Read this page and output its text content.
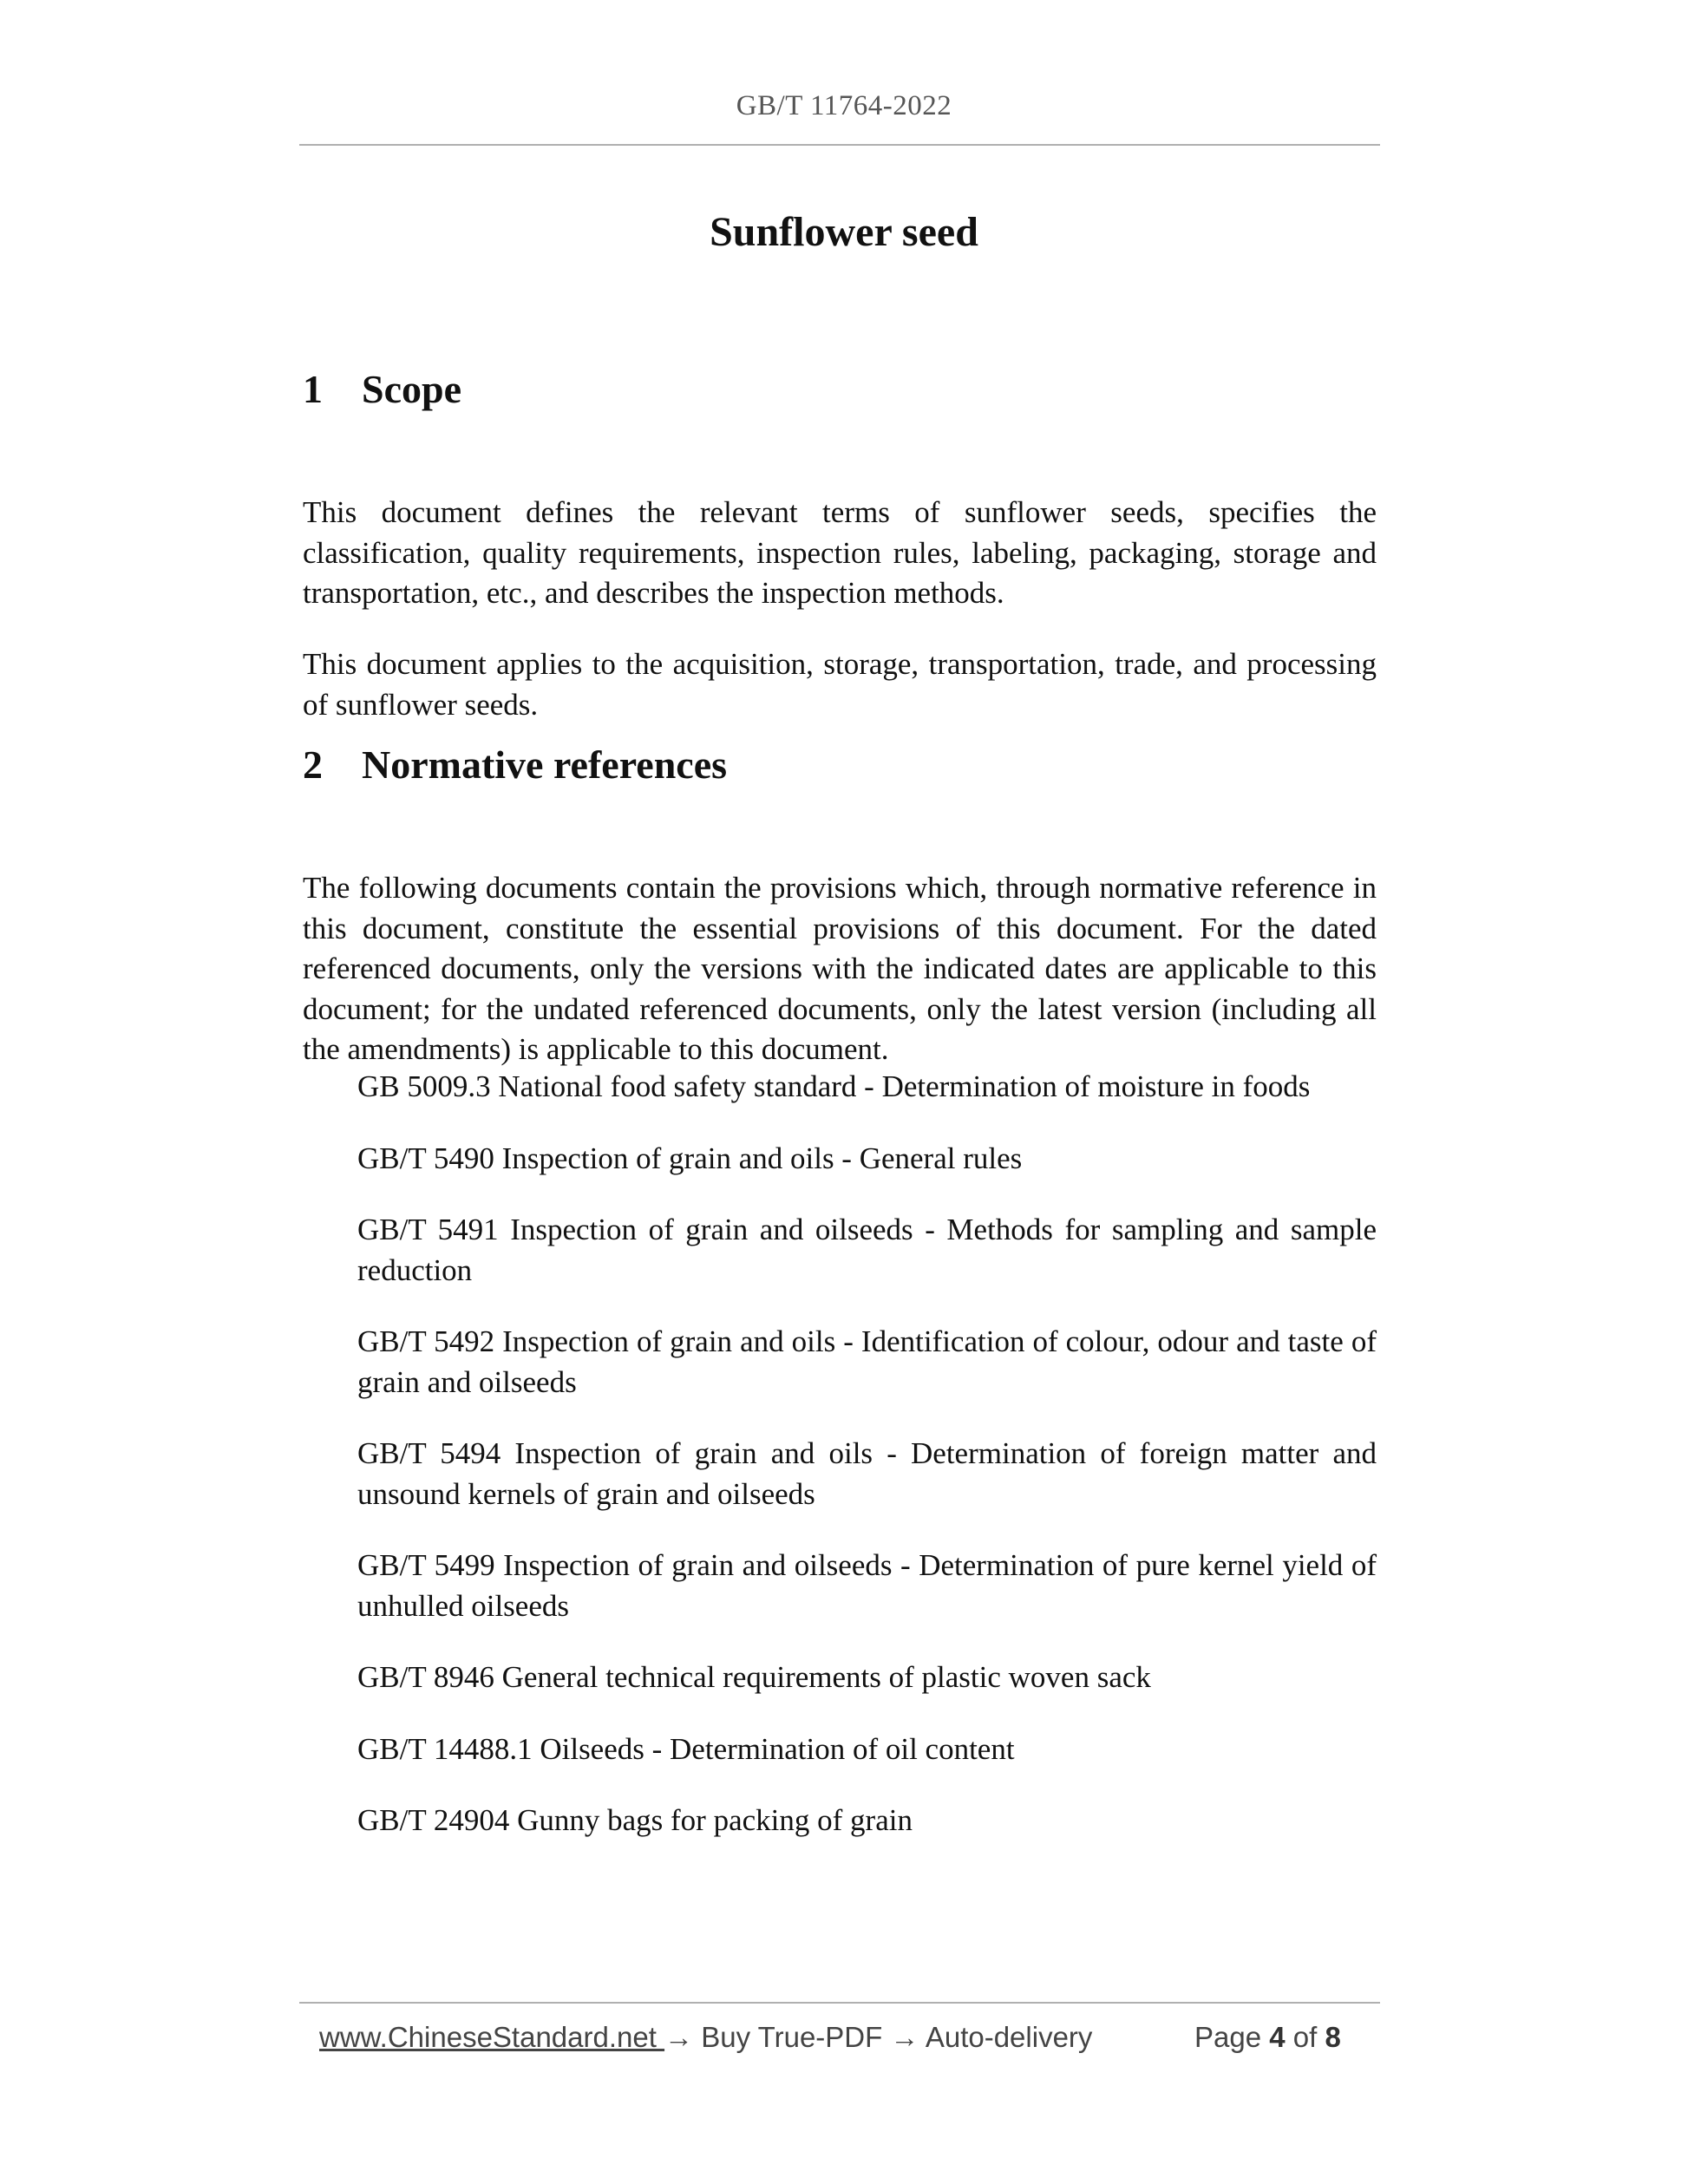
GB/T 11764-2022
Sunflower seed
1 Scope

This document defines the relevant terms of sunflower seeds, specifies the classification, quality requirements, inspection rules, labeling, packaging, storage and transportation, etc., and describes the inspection methods.

This document applies to the acquisition, storage, transportation, trade, and processing of sunflower seeds.

2 Normative references

The following documents contain the provisions which, through normative reference in this document, constitute the essential provisions of this document. For the dated referenced documents, only the versions with the indicated dates are applicable to this document; for the undated referenced documents, only the latest version (including all the amendments) is applicable to this document.

GB 5009.3 National food safety standard - Determination of moisture in foods
GB/T 5490 Inspection of grain and oils - General rules
GB/T 5491 Inspection of grain and oilseeds - Methods for sampling and sample reduction
GB/T 5492 Inspection of grain and oils - Identification of colour, odour and taste of grain and oilseeds
GB/T 5494 Inspection of grain and oils - Determination of foreign matter and unsound kernels of grain and oilseeds
GB/T 5499 Inspection of grain and oilseeds - Determination of pure kernel yield of unhulled oilseeds
GB/T 8946 General technical requirements of plastic woven sack
GB/T 14488.1 Oilseeds - Determination of oil content
GB/T 24904 Gunny bags for packing of grain
www.ChineseStandard.net → Buy True-PDF → Auto-delivery	Page 4 of 8
